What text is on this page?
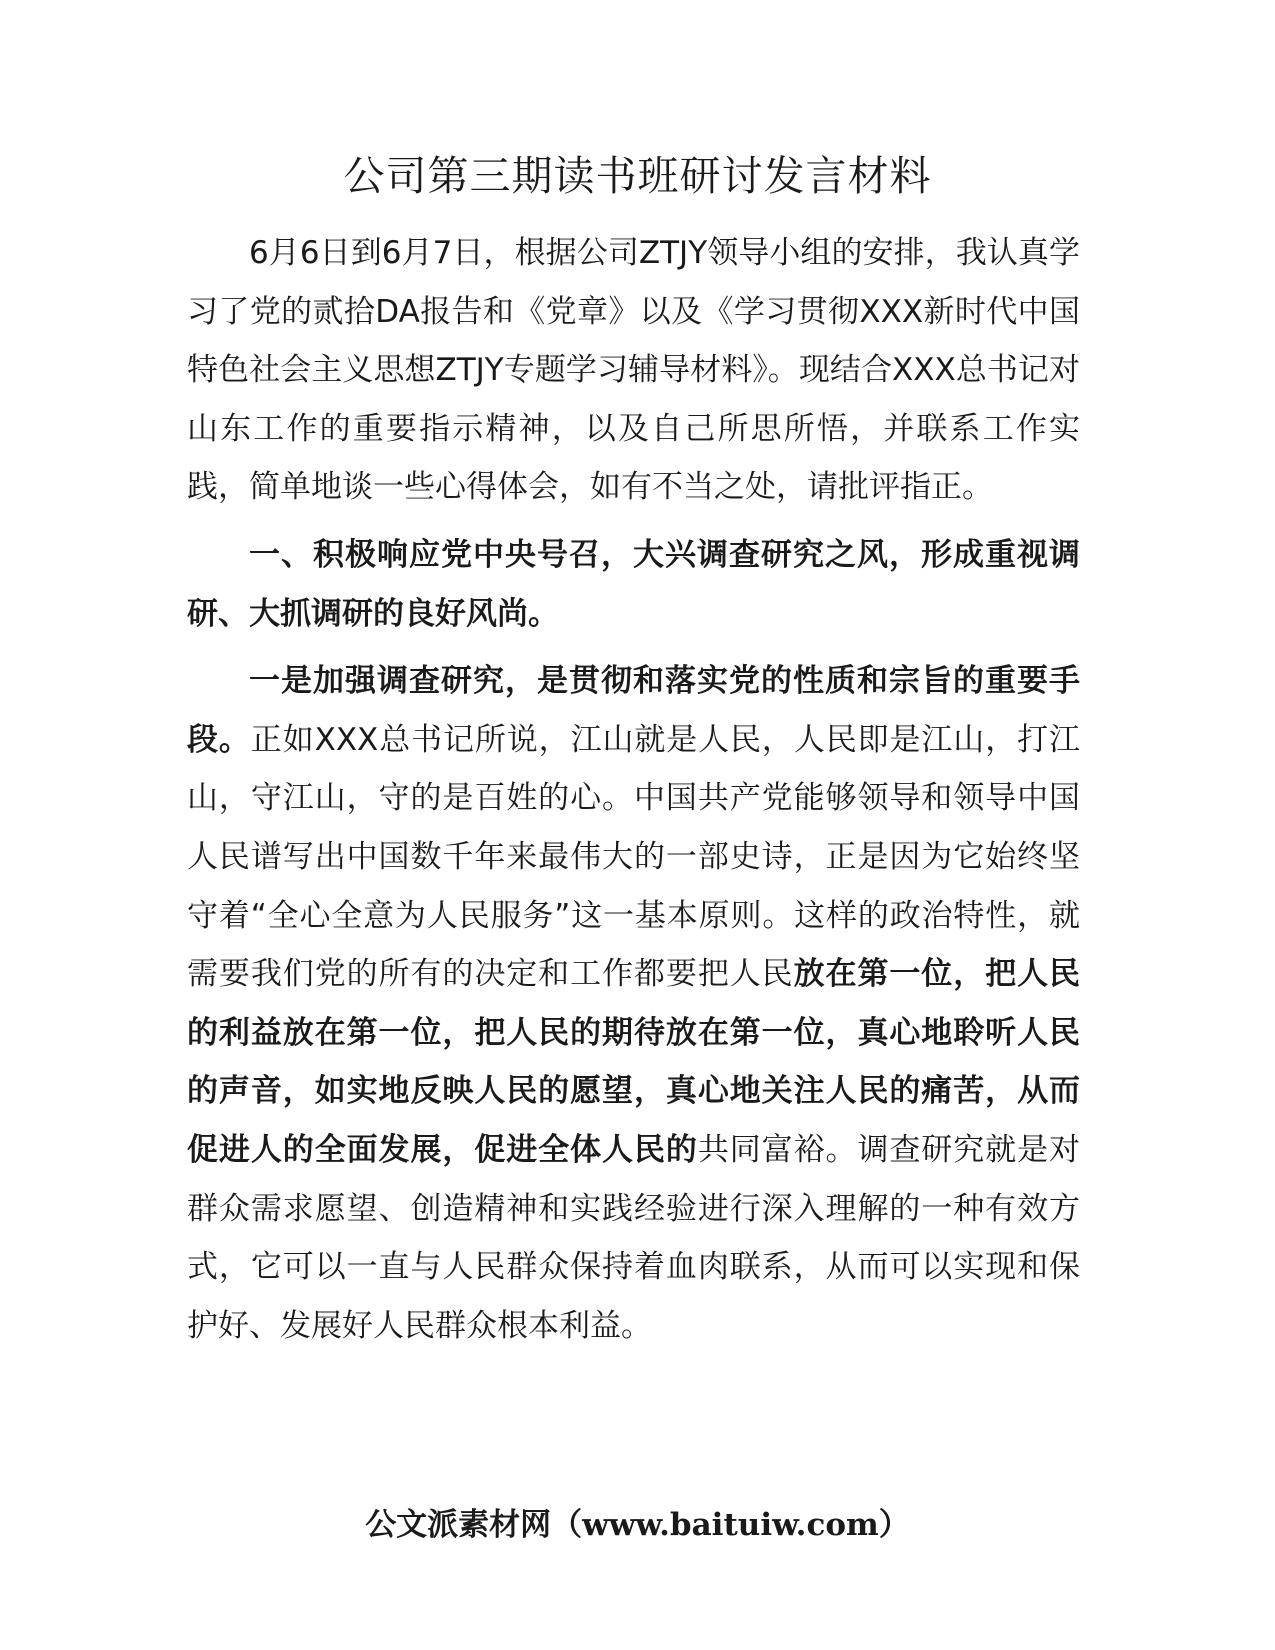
公司第三期读书班研讨发言材料

6月6日到6月7日，根据公司ZTJY领导小组的安排，我认真学习了党的贰拾DA报告和《党章》以及《学习贯彻XXX新时代中国特色社会主义思想ZTJY专题学习辅导材料》。现结合XXX总书记对山东工作的重要指示精神，以及自己所思所悟，并联系工作实践，简单地谈一些心得体会，如有不当之处，请批评指正。

一、积极响应党中央号召，大兴调查研究之风，形成重视调研、大抓调研的良好风尚。

一是加强调查研究，是贯彻和落实党的性质和宗旨的重要手段。正如XXX总书记所说，江山就是人民，人民即是江山，打江山，守江山，守的是百姓的心。中国共产党能够领导和领导中国人民谱写出中国数千年来最伟大的一部史诗，正是因为它始终坚守着“全心全意为人民服务”这一基本原则。这样的政治特性，就需要我们党的所有的决定和工作都要把人民放在第一位，把人民的利益放在第一位，把人民的期待放在第一位，真心地聆听人民的声音，如实地反映人民的愿望，真心地关注人民的痛苦，从而促进人的全面发展，促进全体人民的共同富裕。调查研究就是对群众需求愿望、创造精神和实践经验进行深入理解的一种有效方式，它可以一直与人民群众保持着血肉联系，从而可以实现和保护好、发展好人民群众根本利益。

公文派素材网（www.baituiw.com）
